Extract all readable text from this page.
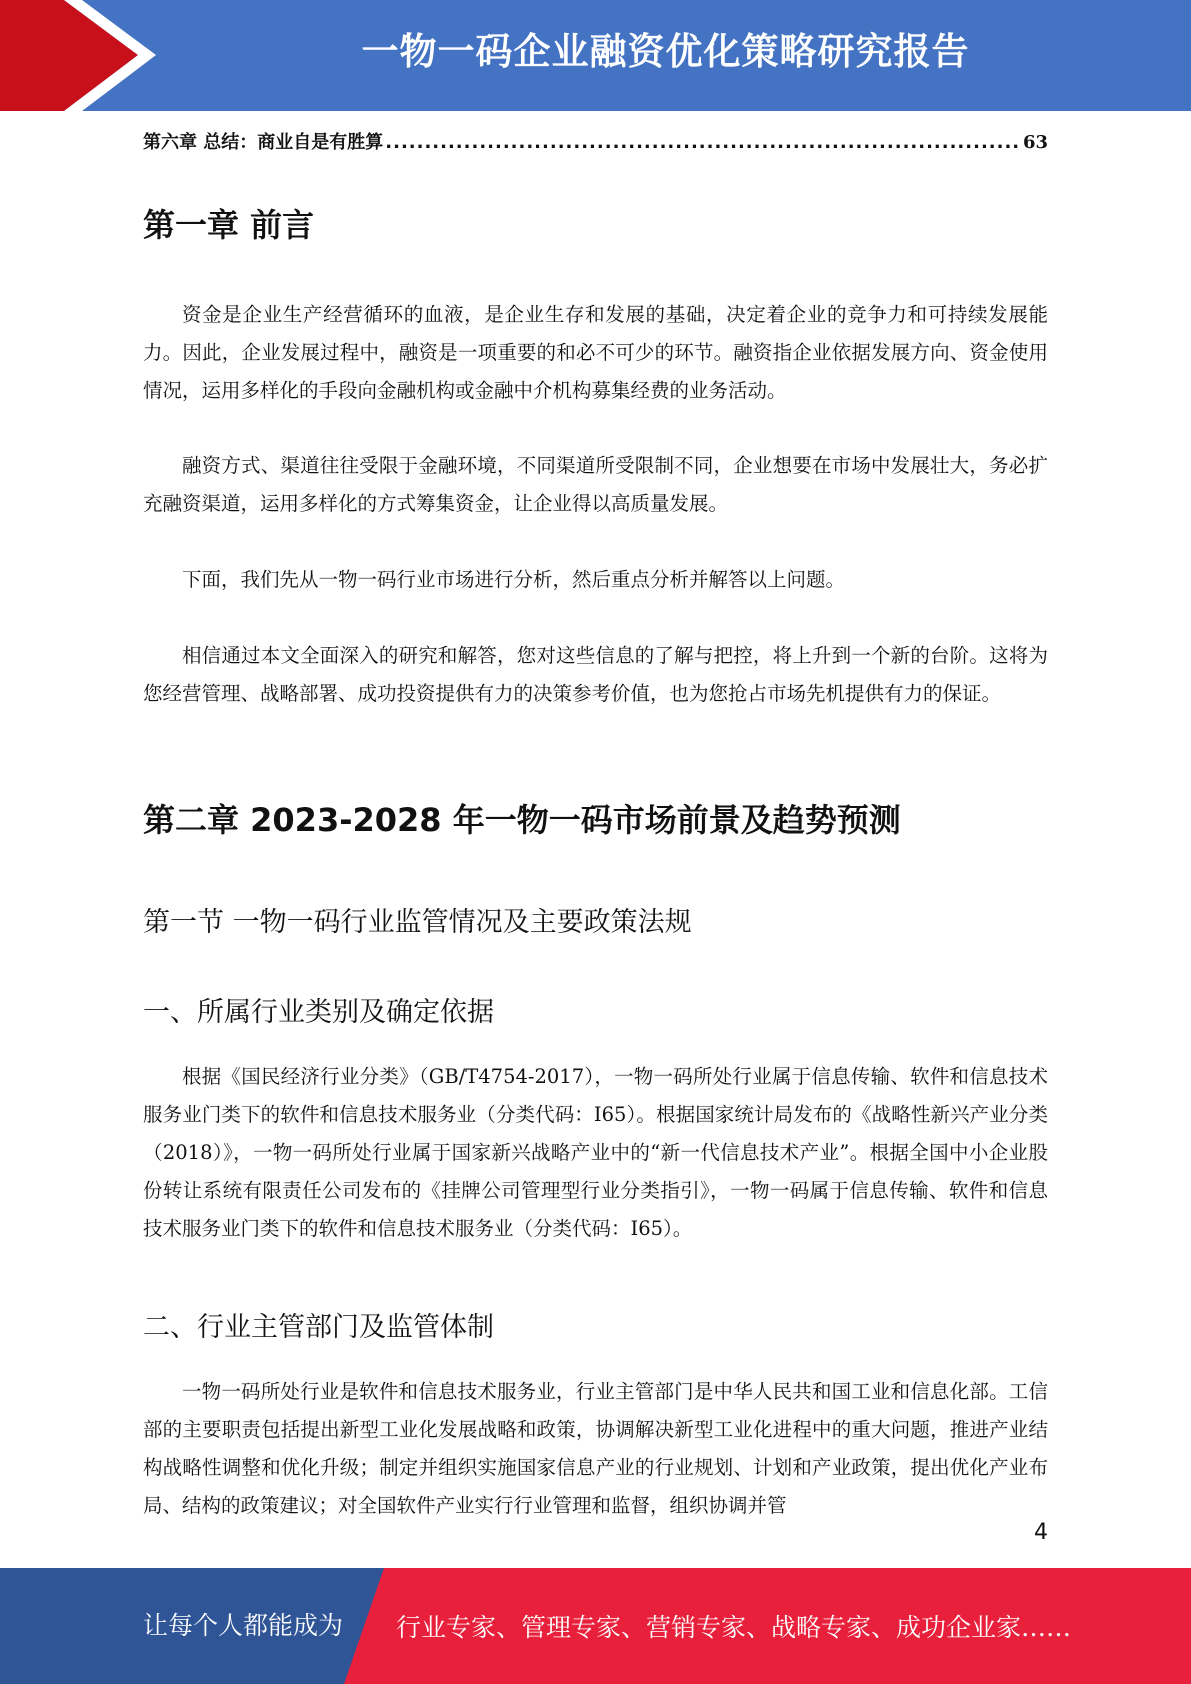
一物一码企业融资优化策略研究报告
第六章 总结：商业自是有胜算
.....	63
第一章 前言

资金是企业生产经营循环的血液，是企业生存和发展的基础，决定着企业的竞争力和可持续发展能力。因此，企业发展过程中，融资是一项重要的和必不可少的环节。融资指企业依据发展方向、资金使用情况，运用多样化的手段向金融机构或金融中介机构募集经费的业务活动。

融资方式、渠道往往受限于金融环境，不同渠道所受限制不同，企业想要在市场中发展壮大，务必扩充融资渠道，运用多样化的方式筹集资金，让企业得以高质量发展。

下面，我们先从一物一码行业市场进行分析，然后重点分析并解答以上问题。

相信通过本文全面深入的研究和解答，您对这些信息的了解与把控，将上升到一个新的台阶。这将为您经营管理、战略部署、成功投资提供有力的决策参考价值，也为您抢占市场先机提供有力的保证。

第二章 2023-2028 年一物一码市场前景及趋势预测
第一节 一物一码行业监管情况及主要政策法规
一、所属行业类别及确定依据

根据《国民经济行业分类》（GB/T4754-2017），一物一码所处行业属于信息传输、软件和信息技术服务业门类下的软件和信息技术服务业（分类代码：I65）。根据国家统计局发布的《战略性新兴产业分类（2018）》，一物一码所处行业属于国家新兴战略产业中的“新一代信息技术产业”。根据全国中小企业股份转让系统有限责任公司发布的《挂牌公司管理型行业分类指引》，一物一码属于信息传输、软件和信息技术服务业门类下的软件和信息技术服务业（分类代码：I65）。

二、行业主管部门及监管体制

一物一码所处行业是软件和信息技术服务业，行业主管部门是中华人民共和国工业和信息化部。工信部的主要职责包括提出新型工业化发展战略和政策，协调解决新型工业化进程中的重大问题，推进产业结构战略性调整和优化升级；制定并组织实施国家信息产业的行业规划、计划和产业政策，提出优化产业布局、结构的政策建议；对全国软件产业实行行业管理和监督，组织协调并管

4
让每个人都能成为 行业专家、管理专家、营销专家、战略专家、成功企业家……
